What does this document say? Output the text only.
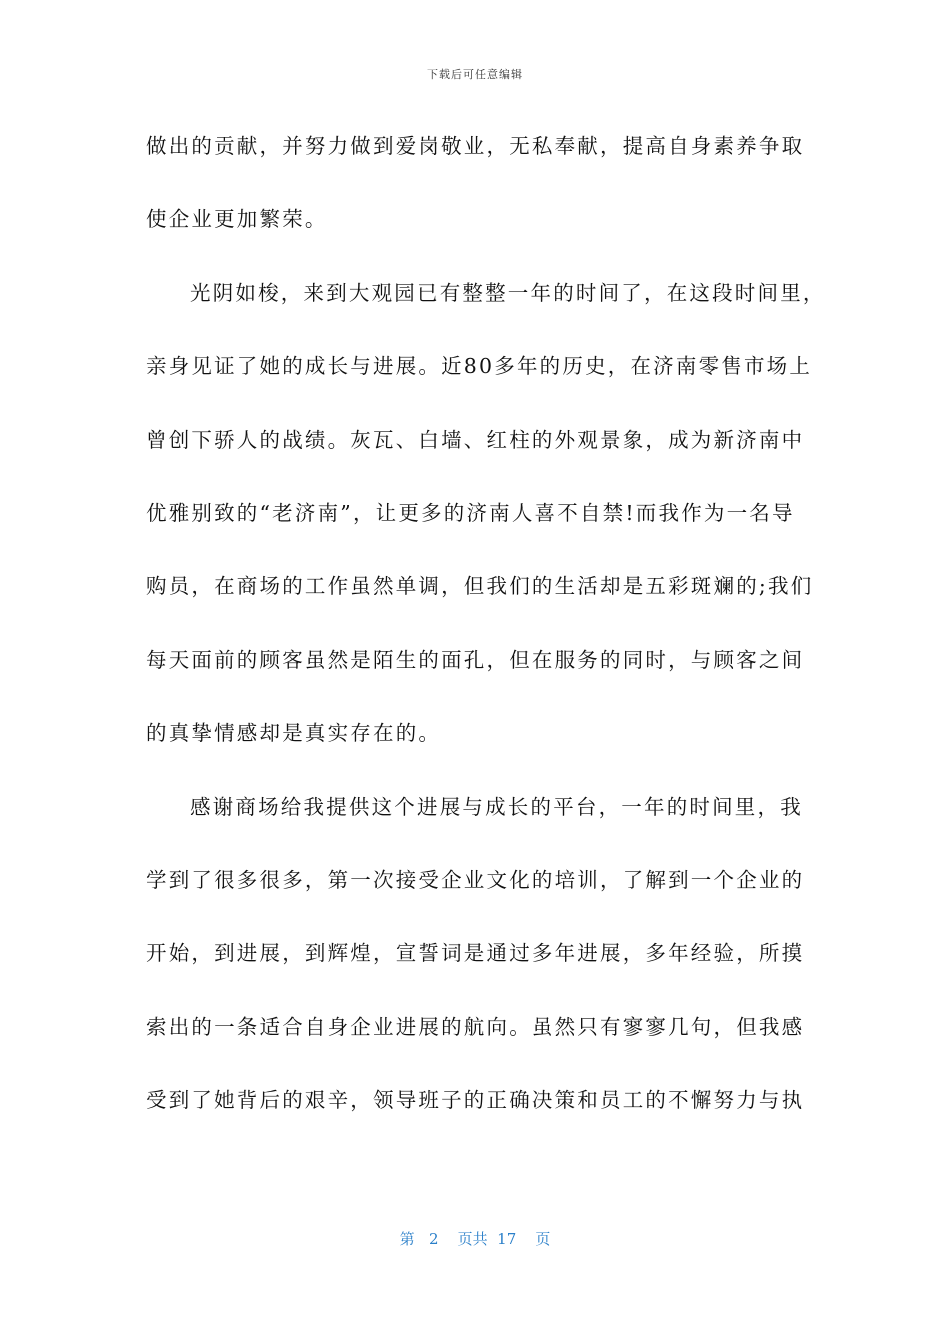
下载后可任意编辑
做出的贡献，并努力做到爱岗敬业，无私奉献，提高自身素养争取
使企业更加繁荣。
光阴如梭，来到大观园已有整整一年的时间了，在这段时间里，
亲身见证了她的成长与进展。近80多年的历史，在济南零售市场上
曾创下骄人的战绩。灰瓦、白墙、红柱的外观景象，成为新济南中
优雅别致的“老济南”，让更多的济南人喜不自禁!而我作为一名导
购员，在商场的工作虽然单调，但我们的生活却是五彩斑斓的;我们
每天面前的顾客虽然是陌生的面孔，但在服务的同时，与顾客之间
的真挚情感却是真实存在的。
感谢商场给我提供这个进展与成长的平台，一年的时间里，我
学到了很多很多，第一次接受企业文化的培训，了解到一个企业的
开始，到进展，到辉煌，宣誓词是通过多年进展，多年经验，所摸
索出的一条适合自身企业进展的航向。虽然只有寥寥几句，但我感
受到了她背后的艰辛，领导班子的正确决策和员工的不懈努力与执
第 2 页共 17 页
